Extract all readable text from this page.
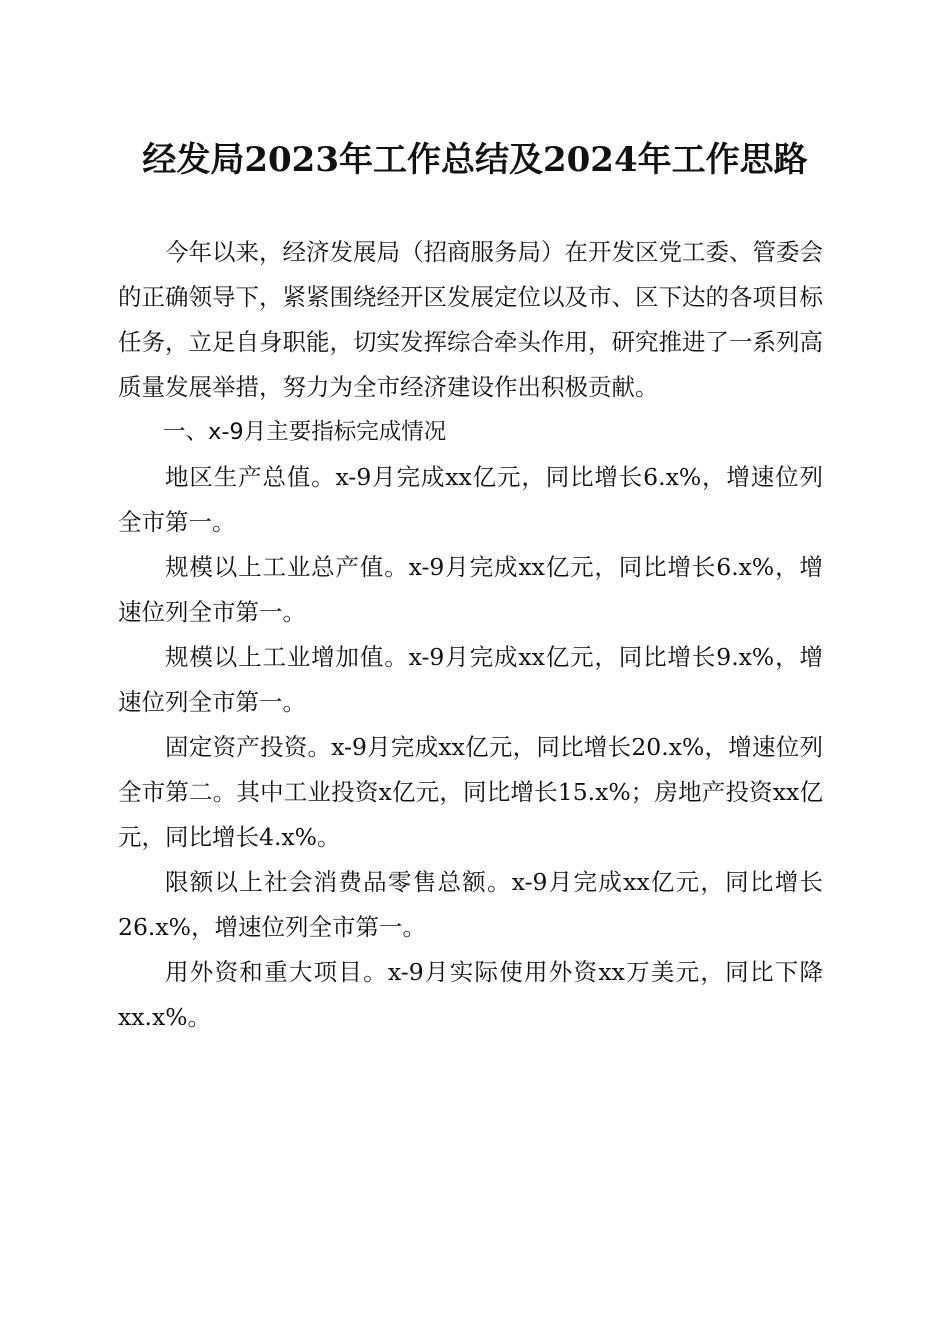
经发局2023年工作总结及2024年工作思路

今年以来，经济发展局（招商服务局）在开发区党工委、管委会的正确领导下，紧紧围绕经开区发展定位以及市、区下达的各项目标任务，立足自身职能，切实发挥综合牵头作用，研究推进了一系列高质量发展举措，努力为全市经济建设作出积极贡献。

一、x-9月主要指标完成情况

地区生产总值。x-9月完成xx亿元，同比增长6.x%，增速位列全市第一。

规模以上工业总产值。x-9月完成xx亿元，同比增长6.x%，增速位列全市第一。

规模以上工业增加值。x-9月完成xx亿元，同比增长9.x%，增速位列全市第一。

固定资产投资。x-9月完成xx亿元，同比增长20.x%，增速位列全市第二。其中工业投资x亿元，同比增长15.x%；房地产投资xx亿元，同比增长4.x%。

限额以上社会消费品零售总额。x-9月完成xx亿元，同比增长26.x%，增速位列全市第一。

用外资和重大项目。x-9月实际使用外资xx万美元，同比下降xx.x%。
